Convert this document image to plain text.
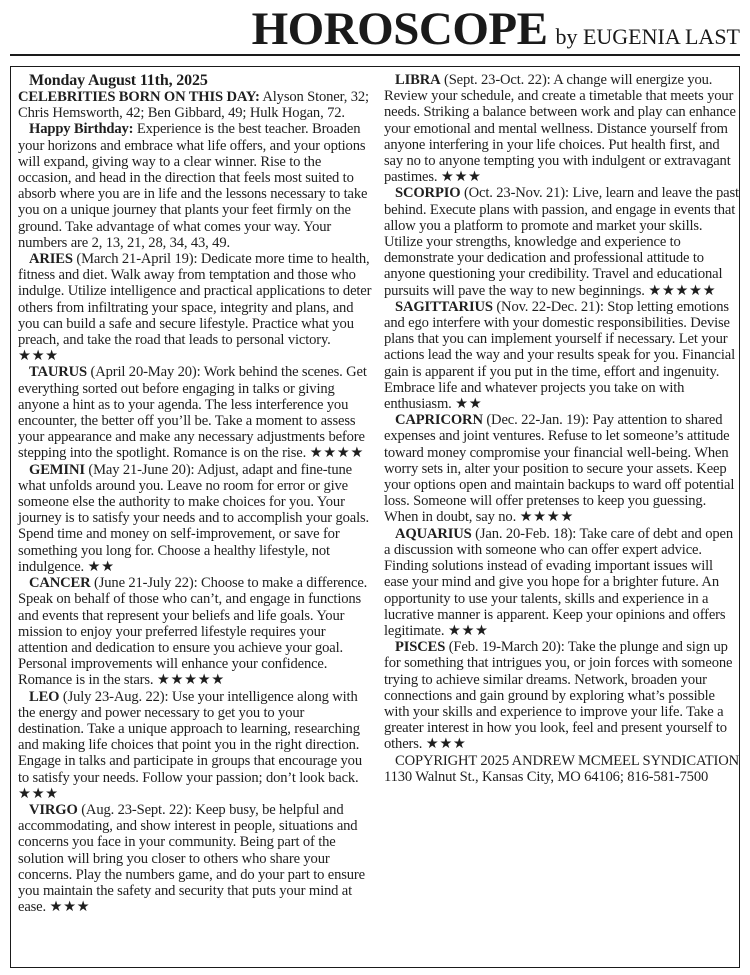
HOROSCOPE by EUGENIA LAST
Monday August 11th, 2025
CELEBRITIES BORN ON THIS DAY: Alyson Stoner, 32; Chris Hemsworth, 42; Ben Gibbard, 49; Hulk Hogan, 72.
Happy Birthday: Experience is the best teacher. Broaden your horizons and embrace what life offers, and your options will expand, giving way to a clear winner. Rise to the occasion, and head in the direction that feels most suited to absorb where you are in life and the lessons necessary to take you on a unique journey that plants your feet firmly on the ground. Take advantage of what comes your way. Your numbers are 2, 13, 21, 28, 34, 43, 49.
ARIES (March 21-April 19): Dedicate more time to health, fitness and diet. Walk away from temptation and those who indulge. Utilize intelligence and practical applications to deter others from infiltrating your space, integrity and plans, and you can build a safe and secure lifestyle. Practice what you preach, and take the road that leads to personal victory. ★★★
TAURUS (April 20-May 20): Work behind the scenes. Get everything sorted out before engaging in talks or giving anyone a hint as to your agenda. The less interference you encounter, the better off you’ll be. Take a moment to assess your appearance and make any necessary adjustments before stepping into the spotlight. Romance is on the rise. ★★★★
GEMINI (May 21-June 20): Adjust, adapt and fine-tune what unfolds around you. Leave no room for error or give someone else the authority to make choices for you. Your journey is to satisfy your needs and to accomplish your goals. Spend time and money on self-improvement, or save for something you long for. Choose a healthy lifestyle, not indulgence. ★★
CANCER (June 21-July 22): Choose to make a difference. Speak on behalf of those who can’t, and engage in functions and events that represent your beliefs and life goals. Your mission to enjoy your preferred lifestyle requires your attention and dedication to ensure you achieve your goal. Personal improvements will enhance your confidence. Romance is in the stars. ★★★★★
LEO (July 23-Aug. 22): Use your intelligence along with the energy and power necessary to get you to your destination. Take a unique approach to learning, researching and making life choices that point you in the right direction. Engage in talks and participate in groups that encourage you to satisfy your needs. Follow your passion; don’t look back. ★★★
VIRGO (Aug. 23-Sept. 22): Keep busy, be helpful and accommodating, and show interest in people, situations and concerns you face in your community. Being part of the solution will bring you closer to others who share your concerns. Play the numbers game, and do your part to ensure you maintain the safety and security that puts your mind at ease. ★★★
LIBRA (Sept. 23-Oct. 22): A change will energize you. Review your schedule, and create a timetable that meets your needs. Striking a balance between work and play can enhance your emotional and mental wellness. Distance yourself from anyone interfering in your life choices. Put health first, and say no to anyone tempting you with indulgent or extravagant pastimes. ★★★
SCORPIO (Oct. 23-Nov. 21): Live, learn and leave the past behind. Execute plans with passion, and engage in events that allow you a platform to promote and market your skills. Utilize your strengths, knowledge and experience to demonstrate your dedication and professional attitude to anyone questioning your credibility. Travel and educational pursuits will pave the way to new beginnings. ★★★★★
SAGITTARIUS (Nov. 22-Dec. 21): Stop letting emotions and ego interfere with your domestic responsibilities. Devise plans that you can implement yourself if necessary. Let your actions lead the way and your results speak for you. Financial gain is apparent if you put in the time, effort and ingenuity. Embrace life and whatever projects you take on with enthusiasm. ★★
CAPRICORN (Dec. 22-Jan. 19): Pay attention to shared expenses and joint ventures. Refuse to let someone’s attitude toward money compromise your financial well-being. When worry sets in, alter your position to secure your assets. Keep your options open and maintain backups to ward off potential loss. Someone will offer pretenses to keep you guessing. When in doubt, say no. ★★★★
AQUARIUS (Jan. 20-Feb. 18): Take care of debt and open a discussion with someone who can offer expert advice. Finding solutions instead of evading important issues will ease your mind and give you hope for a brighter future. An opportunity to use your talents, skills and experience in a lucrative manner is apparent. Keep your opinions and offers legitimate. ★★★
PISCES (Feb. 19-March 20): Take the plunge and sign up for something that intrigues you, or join forces with someone trying to achieve similar dreams. Network, broaden your connections and gain ground by exploring what’s possible with your skills and experience to improve your life. Take a greater interest in how you look, feel and present yourself to others. ★★★
COPYRIGHT 2025 ANDREW MCMEEL SYNDICATION 1130 Walnut St., Kansas City, MO 64106; 816-581-7500
